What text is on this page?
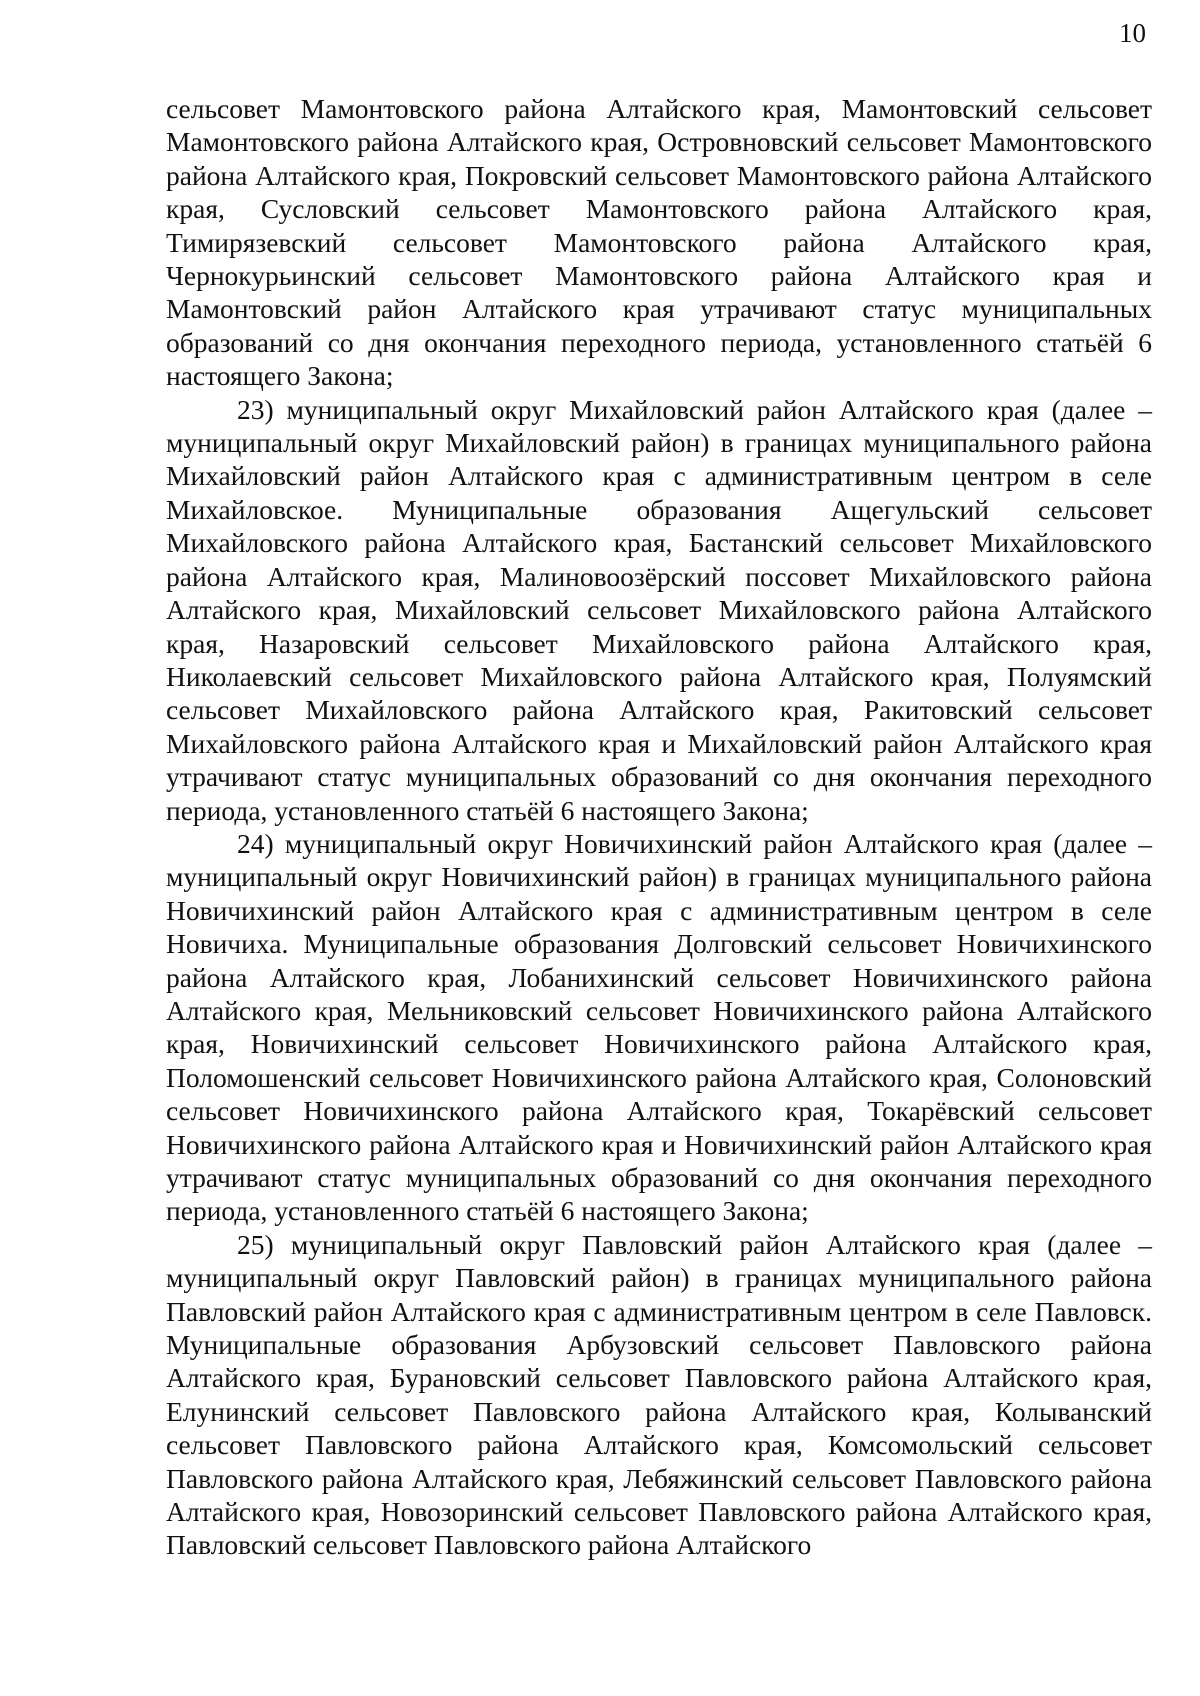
10

сельсовет Мамонтовского района Алтайского края, Мамонтовский сельсовет Мамонтовского района Алтайского края, Островновский сельсовет Мамонтовского района Алтайского края, Покровский сельсовет Мамонтовского района Алтайского края, Сусловский сельсовет Мамонтовского района Алтайского края, Тимирязевский сельсовет Мамонтовского района Алтайского края, Чернокурьинский сельсовет Мамонтовского района Алтайского края и Мамонтовский район Алтайского края утрачивают статус муниципальных образований со дня окончания переходного периода, установленного статьёй 6 настоящего Закона;

23) муниципальный округ Михайловский район Алтайского края (далее – муниципальный округ Михайловский район) в границах муниципального района Михайловский район Алтайского края с административным центром в селе Михайловское. Муниципальные образования Ащегульский сельсовет Михайловского района Алтайского края, Бастанский сельсовет Михайловского района Алтайского края, Малиновоозёрский поссовет Михайловского района Алтайского края, Михайловский сельсовет Михайловского района Алтайского края, Назаровский сельсовет Михайловского района Алтайского края, Николаевский сельсовет Михайловского района Алтайского края, Полуямский сельсовет Михайловского района Алтайского края, Ракитовский сельсовет Михайловского района Алтайского края и Михайловский район Алтайского края утрачивают статус муниципальных образований со дня окончания переходного периода, установленного статьёй 6 настоящего Закона;

24) муниципальный округ Новичихинский район Алтайского края (далее – муниципальный округ Новичихинский район) в границах муниципального района Новичихинский район Алтайского края с административным центром в селе Новичиха. Муниципальные образования Долговский сельсовет Новичихинского района Алтайского края, Лобанихинский сельсовет Новичихинского района Алтайского края, Мельниковский сельсовет Новичихинского района Алтайского края, Новичихинский сельсовет Новичихинского района Алтайского края, Поломошенский сельсовет Новичихинского района Алтайского края, Солоновский сельсовет Новичихинского района Алтайского края, Токарёвский сельсовет Новичихинского района Алтайского края и Новичихинский район Алтайского края утрачивают статус муниципальных образований со дня окончания переходного периода, установленного статьёй 6 настоящего Закона;

25) муниципальный округ Павловский район Алтайского края (далее – муниципальный округ Павловский район) в границах муниципального района Павловский район Алтайского края с административным центром в селе Павловск. Муниципальные образования Арбузовский сельсовет Павловского района Алтайского края, Бурановский сельсовет Павловского района Алтайского края, Елунинский сельсовет Павловского района Алтайского края, Колыванский сельсовет Павловского района Алтайского края, Комсомольский сельсовет Павловского района Алтайского края, Лебяжинский сельсовет Павловского района Алтайского края, Новозоринский сельсовет Павловского района Алтайского края, Павловский сельсовет Павловского района Алтайского
